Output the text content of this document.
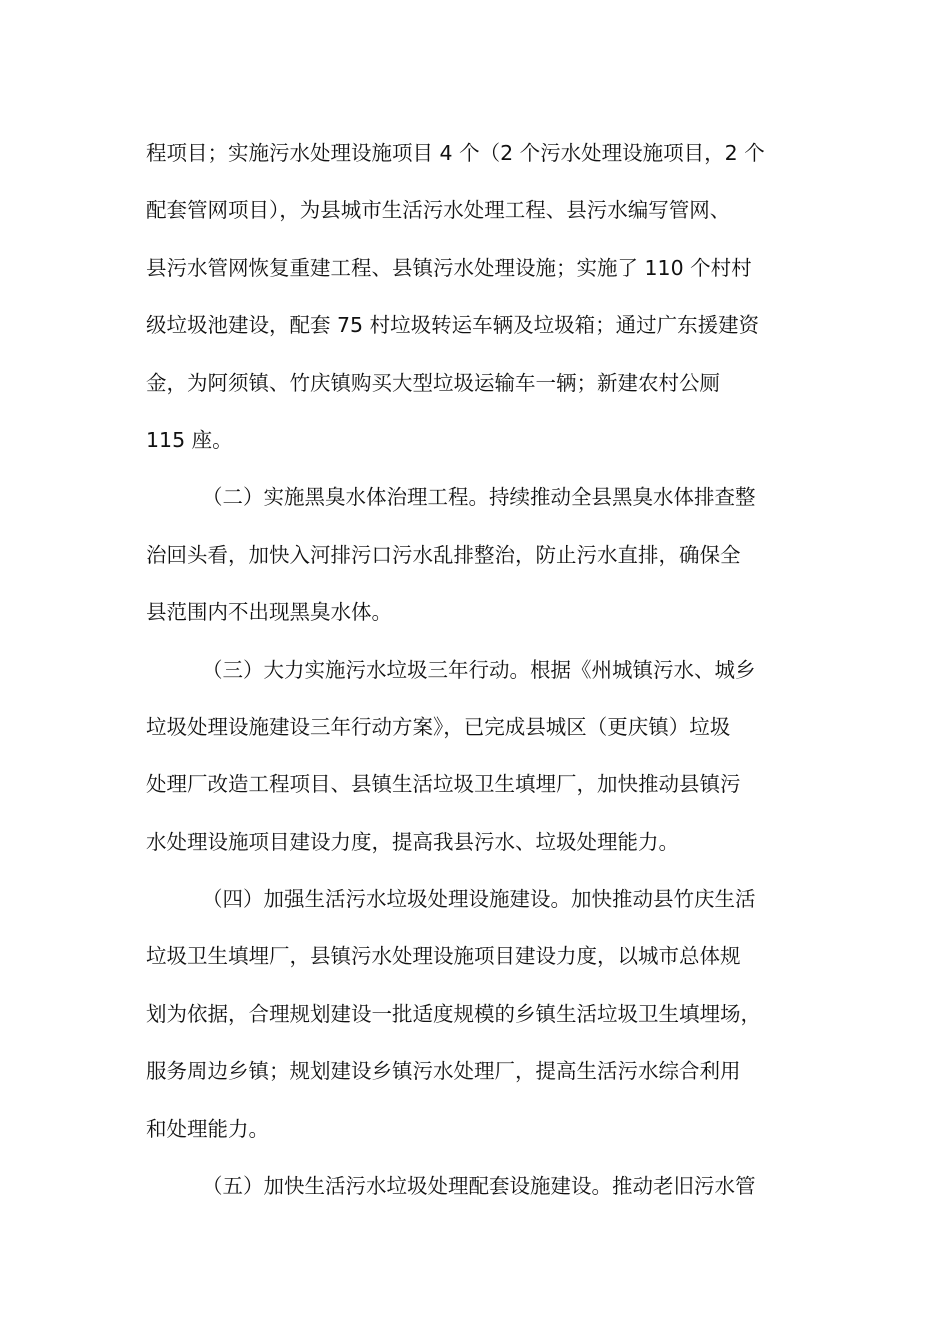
程项目；实施污水处理设施项目 4 个（2 个污水处理设施项目，2 个
配套管网项目），为县城市生活污水处理工程、县污水编写管网、
县污水管网恢复重建工程、县镇污水处理设施；实施了 110 个村村
级垃圾池建设，配套 75 村垃圾转运车辆及垃圾箱；通过广东援建资
金，为阿须镇、竹庆镇购买大型垃圾运输车一辆；新建农村公厕
115 座。
（二）实施黑臭水体治理工程。持续推动全县黑臭水体排查整
治回头看，加快入河排污口污水乱排整治，防止污水直排，确保全
县范围内不出现黑臭水体。
（三）大力实施污水垃圾三年行动。根据《州城镇污水、城乡
垃圾处理设施建设三年行动方案》，已完成县城区（更庆镇）垃圾
处理厂改造工程项目、县镇生活垃圾卫生填埋厂，加快推动县镇污
水处理设施项目建设力度，提高我县污水、垃圾处理能力。
（四）加强生活污水垃圾处理设施建设。加快推动县竹庆生活
垃圾卫生填埋厂，县镇污水处理设施项目建设力度，以城市总体规
划为依据，合理规划建设一批适度规模的乡镇生活垃圾卫生填埋场，
服务周边乡镇；规划建设乡镇污水处理厂，提高生活污水综合利用
和处理能力。
（五）加快生活污水垃圾处理配套设施建设。推动老旧污水管
